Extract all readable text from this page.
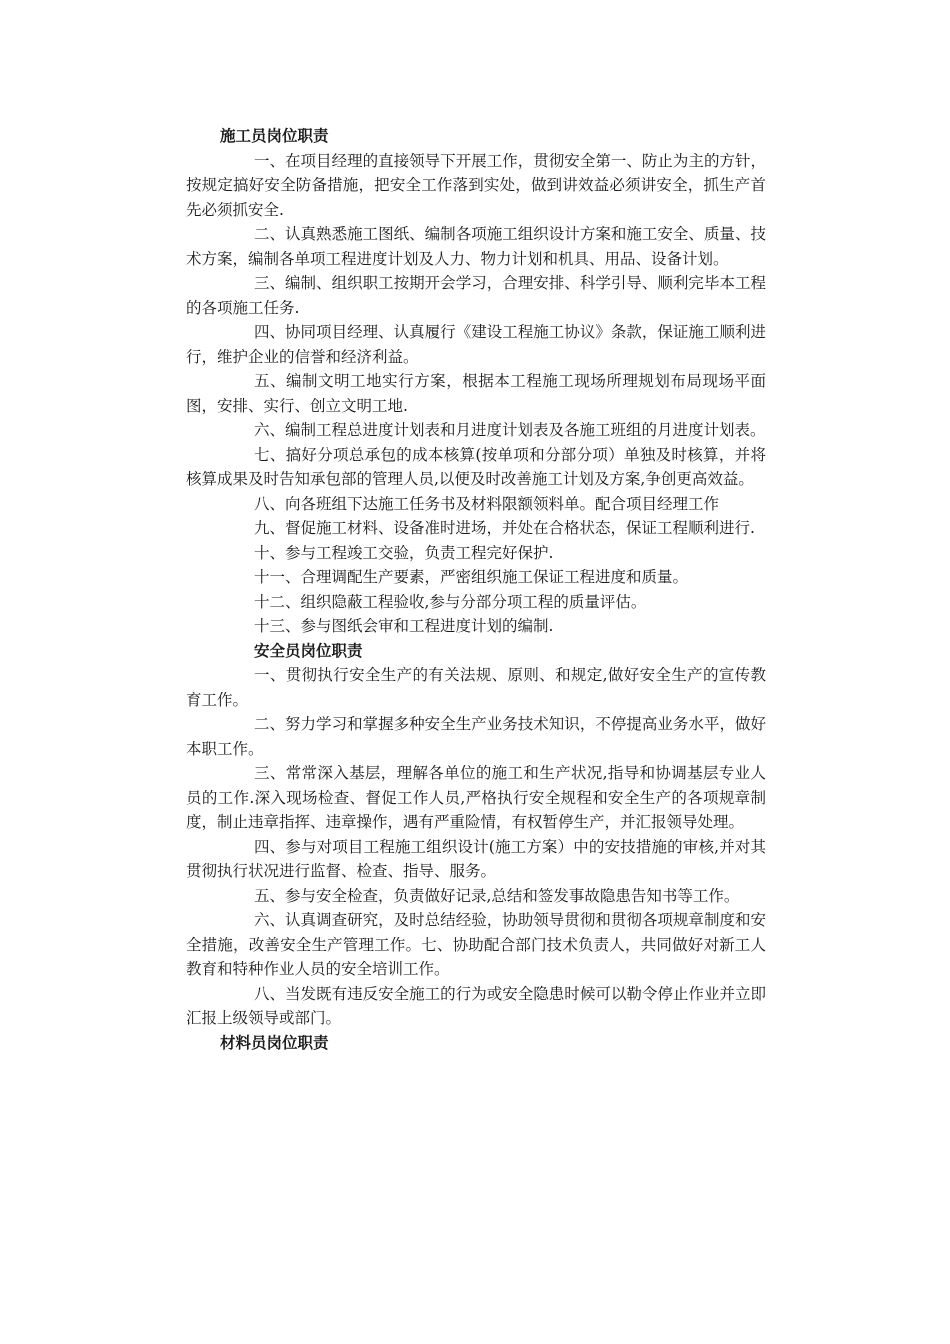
施工员岗位职责

一、在项目经理的直接领导下开展工作，贯彻安全第一、防止为主的方针，按规定搞好安全防备措施，把安全工作落到实处，做到讲效益必须讲安全，抓生产首先必须抓安全.

二、认真熟悉施工图纸、编制各项施工组织设计方案和施工安全、质量、技术方案，编制各单项工程进度计划及人力、物力计划和机具、用品、设备计划。

三、编制、组织职工按期开会学习，合理安排、科学引导、顺利完毕本工程的各项施工任务.

四、协同项目经理、认真履行《建设工程施工协议》条款，保证施工顺利进行，维护企业的信誉和经济利益。

五、编制文明工地实行方案，根据本工程施工现场所理规划布局现场平面图，安排、实行、创立文明工地.

六、编制工程总进度计划表和月进度计划表及各施工班组的月进度计划表。

七、搞好分项总承包的成本核算(按单项和分部分项）单独及时核算，并将核算成果及时告知承包部的管理人员,以便及时改善施工计划及方案,争创更高效益。

八、向各班组下达施工任务书及材料限额领料单。配合项目经理工作

九、督促施工材料、设备准时进场，并处在合格状态，保证工程顺利进行.

十、参与工程竣工交验，负责工程完好保护.

十一、合理调配生产要素，严密组织施工保证工程进度和质量。

十二、组织隐蔽工程验收,参与分部分项工程的质量评估。

十三、参与图纸会审和工程进度计划的编制.

安全员岗位职责

一、贯彻执行安全生产的有关法规、原则、和规定,做好安全生产的宣传教育工作。

二、努力学习和掌握多种安全生产业务技术知识，不停提高业务水平，做好本职工作。

三、常常深入基层，理解各单位的施工和生产状况,指导和协调基层专业人员的工作.深入现场检查、督促工作人员,严格执行安全规程和安全生产的各项规章制度，制止违章指挥、违章操作，遇有严重险情，有权暂停生产，并汇报领导处理。

四、参与对项目工程施工组织设计(施工方案）中的安技措施的审核,并对其贯彻执行状况进行监督、检查、指导、服务。

五、参与安全检查，负责做好记录,总结和签发事故隐患告知书等工作。

六、认真调查研究，及时总结经验，协助领导贯彻和贯彻各项规章制度和安全措施，改善安全生产管理工作。七、协助配合部门技术负责人，共同做好对新工人教育和特种作业人员的安全培训工作。

八、当发既有违反安全施工的行为或安全隐患时候可以勒令停止作业并立即汇报上级领导或部门。

材料员岗位职责
